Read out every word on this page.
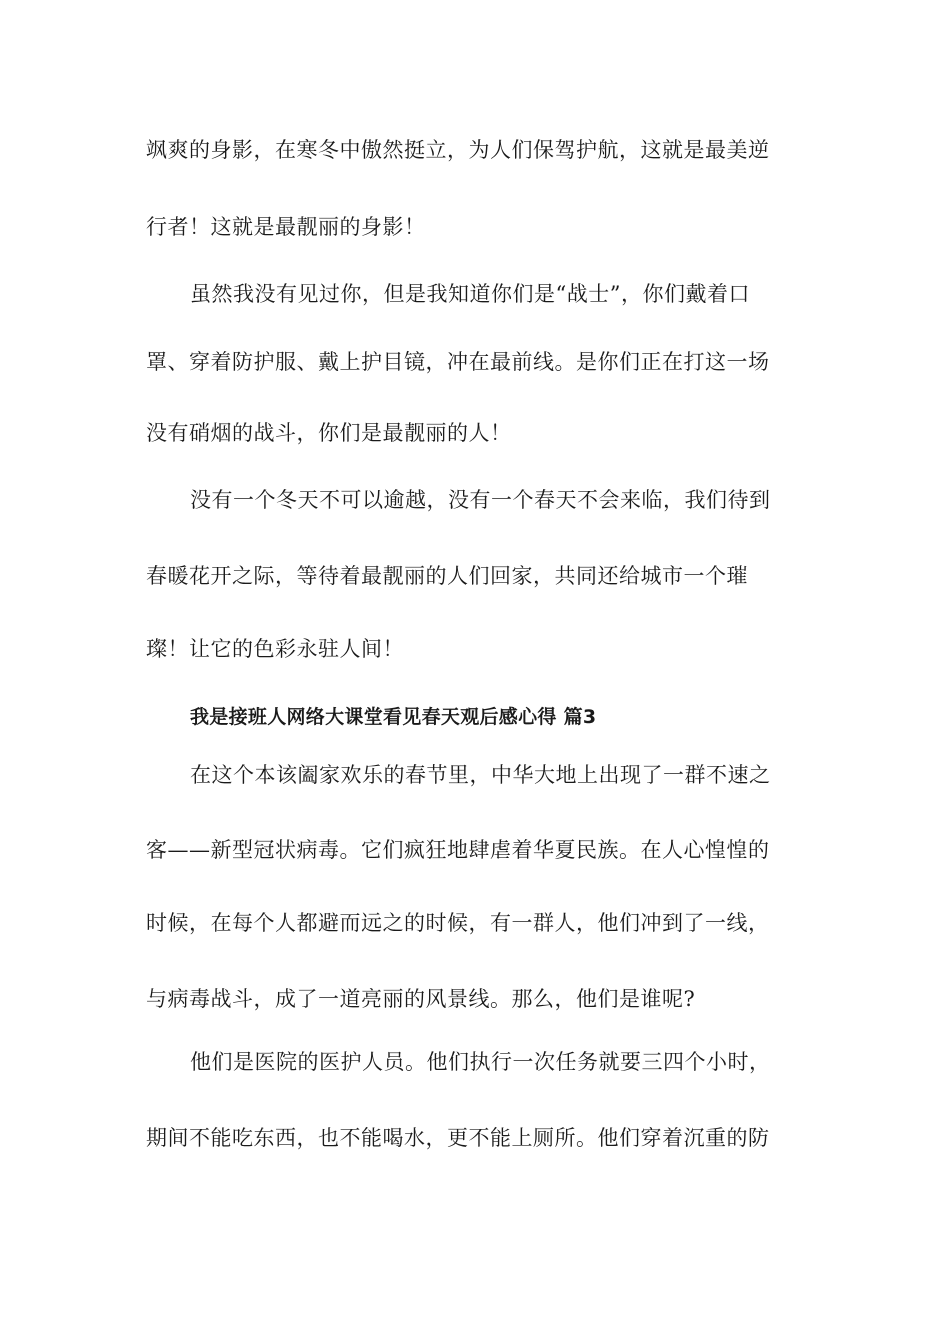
飒爽的身影，在寒冬中傲然挺立，为人们保驾护航，这就是最美逆
行者！这就是最靓丽的身影！
虽然我没有见过你，但是我知道你们是“战士”，你们戴着口
罩、穿着防护服、戴上护目镜，冲在最前线。是你们正在打这一场
没有硝烟的战斗，你们是最靓丽的人！
没有一个冬天不可以逾越，没有一个春天不会来临，我们待到
春暖花开之际，等待着最靓丽的人们回家，共同还给城市一个璀
璨！让它的色彩永驻人间！
我是接班人网络大课堂看见春天观后感心得 篇3
在这个本该阖家欢乐的春节里，中华大地上出现了一群不速之
客——新型冠状病毒。它们疯狂地肆虐着华夏民族。在人心惶惶的
时候，在每个人都避而远之的时候，有一群人，他们冲到了一线，
与病毒战斗，成了一道亮丽的风景线。那么，他们是谁呢?
他们是医院的医护人员。他们执行一次任务就要三四个小时，
期间不能吃东西，也不能喝水，更不能上厕所。他们穿着沉重的防
